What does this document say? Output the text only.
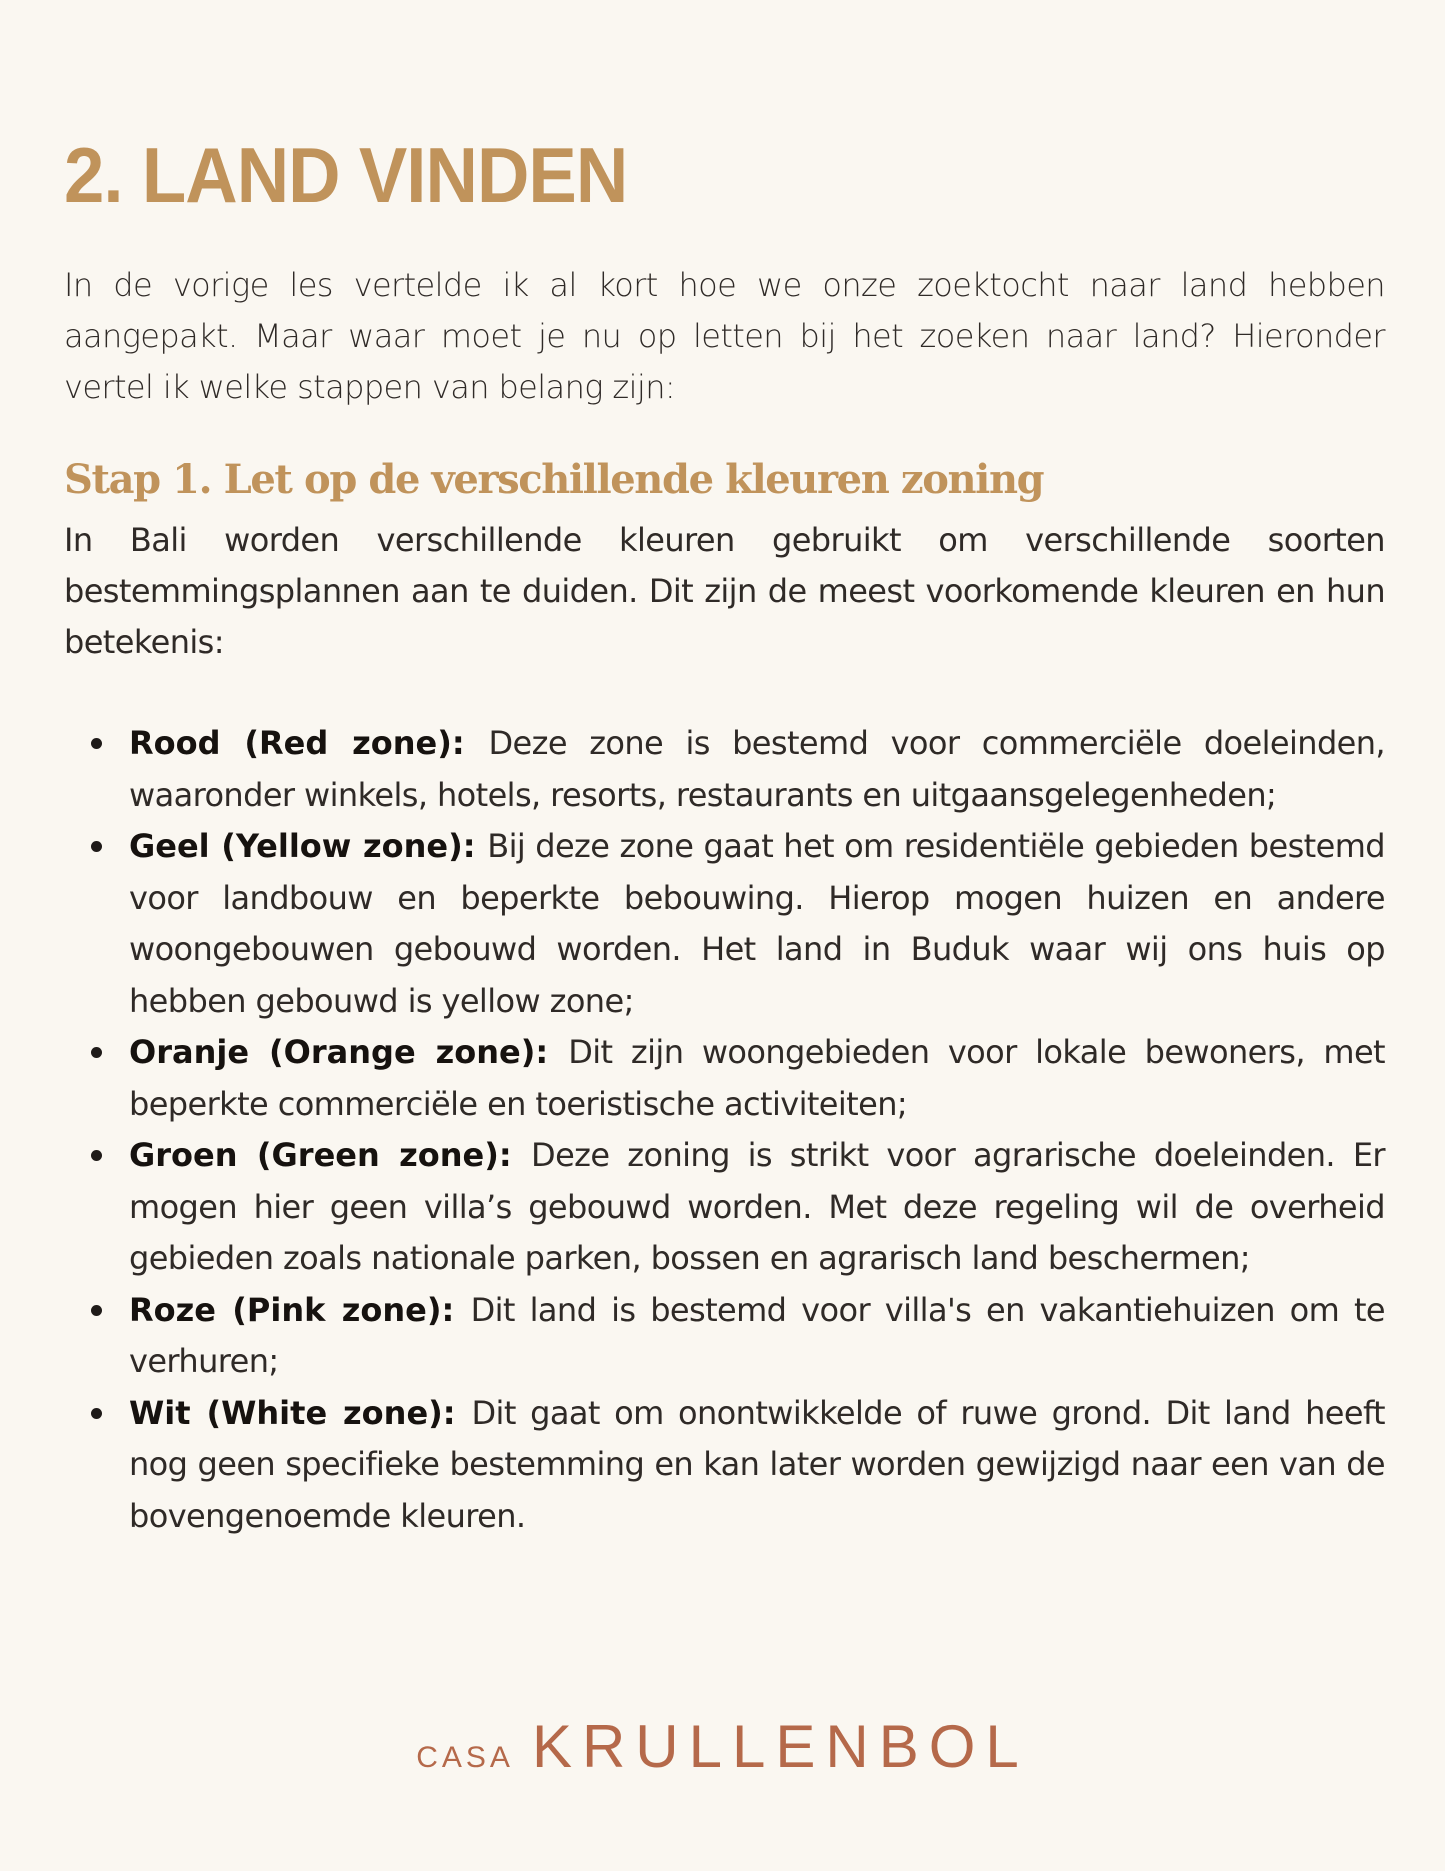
2. LAND VINDEN

In de vorige les vertelde ik al kort hoe we onze zoektocht naar land hebben aangepakt. Maar waar moet je nu op letten bij het zoeken naar land? Hieronder vertel ik welke stappen van belang zijn:

Stap 1. Let op de verschillende kleuren zoning

In Bali worden verschillende kleuren gebruikt om verschillende soorten bestemmingsplannen aan te duiden. Dit zijn de meest voorkomende kleuren en hun betekenis:

Rood (Red zone): Deze zone is bestemd voor commerciële doeleinden, waaronder winkels, hotels, resorts, restaurants en uitgaansgelegenheden;
Geel (Yellow zone): Bij deze zone gaat het om residentiële gebieden bestemd voor landbouw en beperkte bebouwing. Hierop mogen huizen en andere woongebouwen gebouwd worden. Het land in Buduk waar wij ons huis op hebben gebouwd is yellow zone;
Oranje (Orange zone): Dit zijn woongebieden voor lokale bewoners, met beperkte commerciële en toeristische activiteiten;
Groen (Green zone): Deze zoning is strikt voor agrarische doeleinden. Er mogen hier geen villa’s gebouwd worden. Met deze regeling wil de overheid gebieden zoals nationale parken, bossen en agrarisch land beschermen;
Roze (Pink zone): Dit land is bestemd voor villa's en vakantiehuizen om te verhuren;
Wit (White zone): Dit gaat om onontwikkelde of ruwe grond. Dit land heeft nog geen specifieke bestemming en kan later worden gewijzigd naar een van de bovengenoemde kleuren.
CASA KRULLENBOL
